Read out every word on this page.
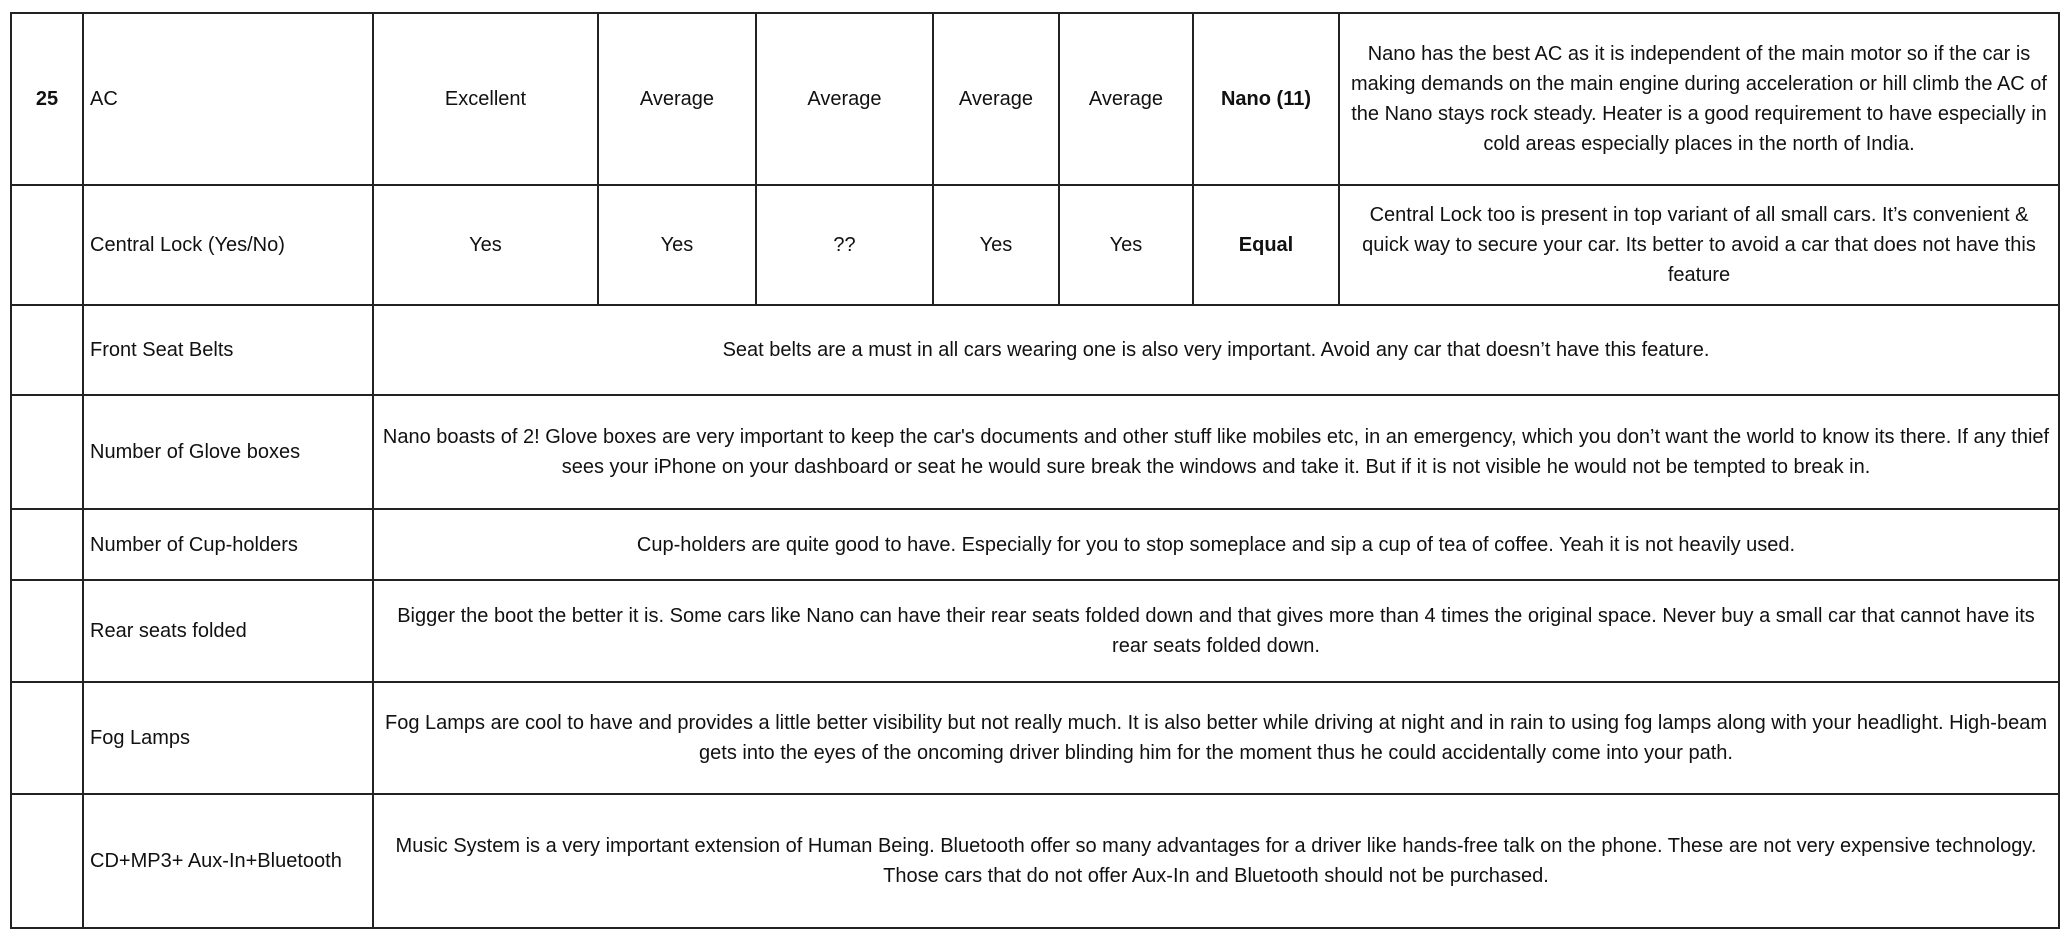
25	AC	Excellent	Average	Average	Average	Average	Nano (11)	Nano has the best AC as it is independent of the main motor so if the car is making demands on the main engine during acceleration or hill climb the AC of the Nano stays rock steady. Heater is a good requirement to have especially in cold areas especially places in the north of India.
	Central Lock (Yes/No)	Yes	Yes	??	Yes	Yes	Equal	Central Lock too is present in top variant of all small cars. It’s convenient & quick way to secure your car. Its better to avoid a car that does not have this feature
	Front Seat Belts	Seat belts are a must in all cars wearing one is also very important. Avoid any car that doesn’t have this feature.						
	Number of Glove boxes	Nano boasts of 2! Glove boxes are very important to keep the car's documents and other stuff like mobiles etc, in an emergency, which you don’t want the world to know its there. If any thief sees your iPhone on your dashboard or seat he would sure break the windows and take it. But if it is not visible he would not be tempted to break in.						
	Number of Cup-holders	Cup-holders are quite good to have. Especially for you to stop someplace and sip a cup of tea of coffee. Yeah it is not heavily used.						
	Rear seats folded	Bigger the boot the better it is. Some cars like Nano can have their rear seats folded down and that gives more than 4 times the original space. Never buy a small car that cannot have its rear seats folded down.						
	Fog Lamps	Fog Lamps are cool to have and provides a little better visibility but not really much. It is also better while driving at night and in rain to using fog lamps along with your headlight. High-beam gets into the eyes of the oncoming driver blinding him for the moment thus he could accidentally come into your path.						
	CD+MP3+ Aux-In+Bluetooth	Music System is a very important extension of Human Being. Bluetooth offer so many advantages for a driver like hands-free talk on the phone. These are not very expensive technology. Those cars that do not offer Aux-In and Bluetooth should not be purchased.						
